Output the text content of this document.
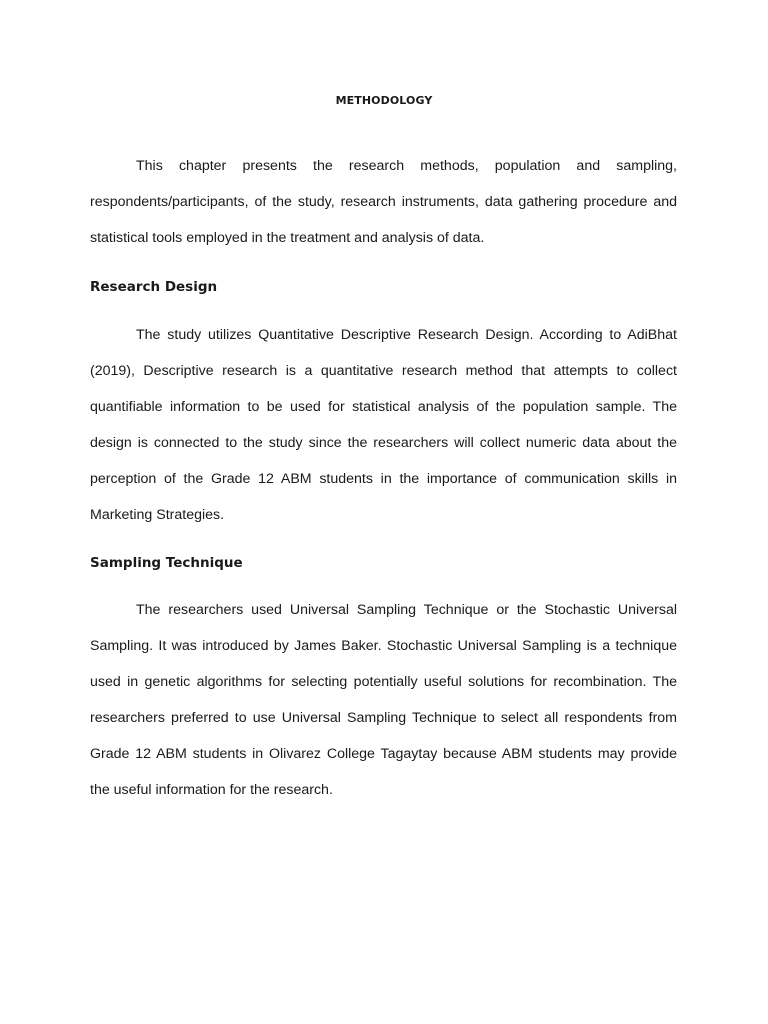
METHODOLOGY

This chapter presents the research methods, population and sampling, respondents/participants, of the study, research instruments, data gathering procedure and statistical tools employed in the treatment and analysis of data.

Research Design

The study utilizes Quantitative Descriptive Research Design. According to AdiBhat (2019), Descriptive research is a quantitative research method that attempts to collect quantifiable information to be used for statistical analysis of the population sample. The design is connected to the study since the researchers will collect numeric data about the perception of the Grade 12 ABM students in the importance of communication skills in Marketing Strategies.

Sampling Technique

The researchers used Universal Sampling Technique or the Stochastic Universal Sampling. It was introduced by James Baker. Stochastic Universal Sampling is a technique used in genetic algorithms for selecting potentially useful solutions for recombination. The researchers preferred to use Universal Sampling Technique to select all respondents from Grade 12 ABM students in Olivarez College Tagaytay because ABM students may provide the useful information for the research.
